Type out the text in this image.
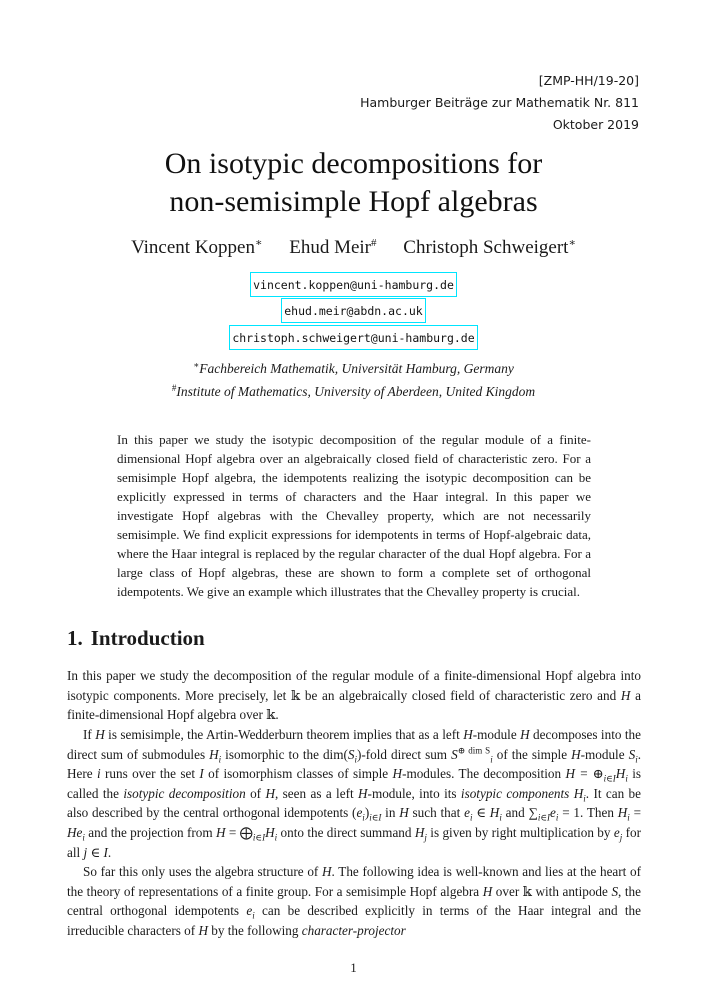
[ZMP-HH/19-20]
Hamburger Beiträge zur Mathematik Nr. 811
Oktober 2019
On isotypic decompositions for
non-semisimple Hopf algebras
Vincent Koppen∗ Ehud Meir# Christoph Schweigert∗
vincent.koppen@uni-hamburg.de
ehud.meir@abdn.ac.uk
christoph.schweigert@uni-hamburg.de
∗Fachbereich Mathematik, Universität Hamburg, Germany
#Institute of Mathematics, University of Aberdeen, United Kingdom
In this paper we study the isotypic decomposition of the regular module of a finite-dimensional Hopf algebra over an algebraically closed field of characteristic zero. For a semisimple Hopf algebra, the idempotents realizing the isotypic decomposition can be explicitly expressed in terms of characters and the Haar integral. In this paper we investigate Hopf algebras with the Chevalley property, which are not necessarily semisimple. We find explicit expressions for idempotents in terms of Hopf-algebraic data, where the Haar integral is replaced by the regular character of the dual Hopf algebra. For a large class of Hopf algebras, these are shown to form a complete set of orthogonal idempotents. We give an example which illustrates that the Chevalley property is crucial.
1. Introduction

In this paper we study the decomposition of the regular module of a finite-dimensional Hopf algebra into isotypic components. More precisely, let 𝕜 be an algebraically closed field of characteristic zero and H a finite-dimensional Hopf algebra over 𝕜.

If H is semisimple, the Artin-Wedderburn theorem implies that as a left H-module H decomposes into the direct sum of submodules $H_i$ isomorphic to the $dim(S_i)$-fold direct sum $S^{\oplus dim S}_i$ of the simple H-module $S_i$. Here i runs over the set I of isomorphism classes of simple H-modules. The decomposition $H = \oplus_{i\in I}H_i$ is called the isotypic decomposition of H, seen as a left H-module, into its isotypic components $H_i$. It can be also described by the central orthogonal idempotents $(e_i)_{i\in I}$ in H such that $e_i$ ∈ $H_i$ and $\sum_{i\in I}e_i = 1$. Then $H_i = He_i$ and the projection from $H = ⨁_{i\in I}H_i$ onto the direct summand $H_j$ is given by right multiplication by $e_j$ for all j ∈ I.

So far this only uses the algebra structure of H. The following idea is well-known and lies at the heart of the theory of representations of a finite group. For a semisimple Hopf algebra H over 𝕜 with antipode S, the central orthogonal idempotents $e_i$ can be described explicitly in terms of the Haar integral and the irreducible characters of H by the following character-projector

1
